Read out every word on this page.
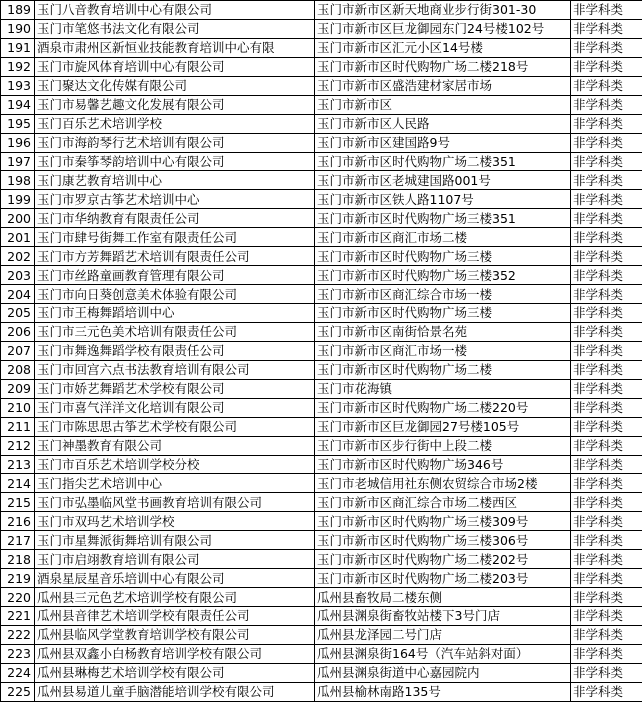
189	玉门八音教育培训中心有限公司	玉门市新市区新天地商业步行街301-30	非学科类
190	玉门市笔悠书法文化有限公司	玉门市新市区巨龙御园东门24号楼102号	非学科类
191	酒泉市肃州区新恒业技能教育培训中心有限	玉门市新市区汇元小区14号楼	非学科类
192	玉门市旋风体育培训中心有限公司	玉门市新市区时代购物广场二楼218号	非学科类
193	玉门聚达文化传媒有限公司	玉门市新市区盛浩建材家居市场	非学科类
194	玉门市易馨艺趣文化发展有限公司	玉门市新市区	非学科类
195	玉门百乐艺术培训学校	玉门市新市区人民路	非学科类
196	玉门市海韵琴行艺术培训有限公司	玉门市新市区建国路9号	非学科类
197	玉门市秦筝琴韵培训中心有限公司	玉门市新市区时代购物广场二楼351	非学科类
198	玉门康艺教育培训中心	玉门市新市区老城建国路001号	非学科类
199	玉门市罗京古筝艺术培训中心	玉门市新市区铁人路1107号	非学科类
200	玉门市华纳教育有限责任公司	玉门市新市区时代购物广场三楼351	非学科类
201	玉门市肆号街舞工作室有限责任公司	玉门市新市区商汇市场二楼	非学科类
202	玉门市方芳舞蹈艺术培训有限责任公司	玉门市新市区时代购物广场三楼	非学科类
203	玉门市丝路童画教育管理有限公司	玉门市新市区时代购物广场三楼352	非学科类
204	玉门市向日葵创意美术体验有限公司	玉门市新市区商汇综合市场一楼	非学科类
205	玉门市王梅舞蹈培训中心	玉门市新市区时代购物广场三楼	非学科类
206	玉门市三元色美术培训有限责任公司	玉门市新市区南街恰景名苑	非学科类
207	玉门市舞逸舞蹈学校有限责任公司	玉门市新市区商汇市场一楼	非学科类
208	玉门市回宫六点书法教育培训有限公司	玉门市新市区时代购物广场二楼	非学科类
209	玉门市娇艺舞蹈艺术学校有限公司	玉门市花海镇	非学科类
210	玉门市喜气洋洋文化培训有限公司	玉门市新市区时代购物广场二楼220号	非学科类
211	玉门市陈思思古筝艺术学校有限公司	玉门市新市区巨龙御园27号楼105号	非学科类
212	玉门神墨教育有限公司	玉门市新市区步行街中上段二楼	非学科类
213	玉门市百乐艺术培训学校分校	玉门市新市区时代购物广场346号	非学科类
214	玉门指尖艺术培训中心	玉门市老城信用社东侧农贸综合市场2楼	非学科类
215	玉门市弘墨临风堂书画教育培训有限公司	玉门市新市区商汇综合市场二楼西区	非学科类
216	玉门市双玛艺术培训学校	玉门市新市区时代购物广场三楼309号	非学科类
217	玉门市星舞派街舞培训有限公司	玉门市新市区时代购物广场三楼306号	非学科类
218	玉门市启翊教育培训有限公司	玉门市新市区时代购物广场二楼202号	非学科类
219	酒泉星辰星音乐培训中心有限公司	玉门市新市区时代购物广场二楼203号	非学科类
220	瓜州县三元色艺术培训学校有限公司	瓜州县畜牧局二楼东侧	非学科类
221	瓜州县音律艺术培训学校有限责任公司	瓜州县渊泉街畜牧站楼下3号门店	非学科类
222	瓜州县临风学堂教育培训学校有限公司	瓜州县龙泽园二号门店	非学科类
223	瓜州县双鑫小白杨教育培训学校有限公司	瓜州县渊泉街164号（汽车站斜对面）	非学科类
224	瓜州县琳梅艺术培训学校有限公司	瓜州县渊泉街道中心嘉园院内	非学科类
225	瓜州县易道儿童手脑潜能培训学校有限公司	瓜州县榆林南路135号	非学科类
